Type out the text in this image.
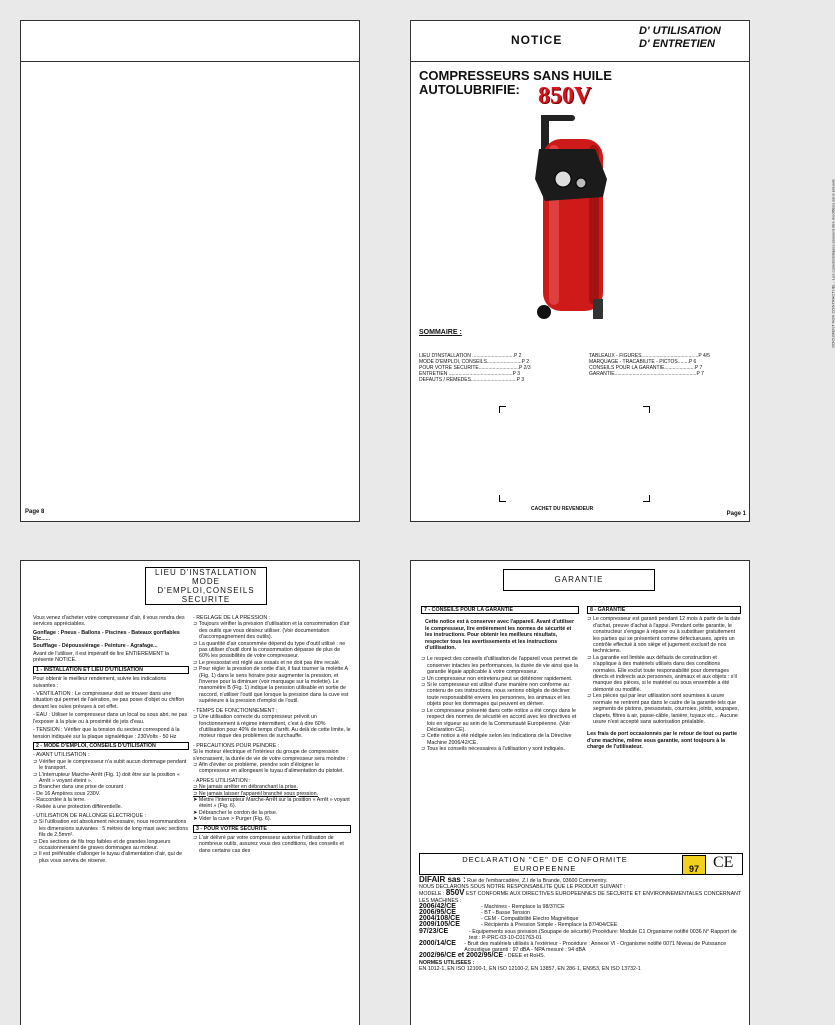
Page 8
NOTICE
D' UTILISATION
D' ENTRETIEN
COMPRESSEURS SANS HUILE
AUTOLUBRIFIE: 850V
SOMMAIRE :
LIEU D'INSTALLATION ..............................P 2
MODE D'EMPLOI, CONSEILS.........................P 2
POUR VOTRE SECURITE.............................P 2/3
ENTRETIEN ..............................................P 3
DEFAUTS / REMEDES.................................P 3
TABLEAUX - FIGURES.........................................P 4/5
MARQUAGE - TRACABILITE - PICTOS........P 6
CONSEILS POUR LA GARANTIE......................P 7
GARANTIE...........................................................P 7
CACHET DU REVENDEUR
Page 1
DOCUMENT NON CONTRACTUEL - Les caractéristiques peuvent être modifiées sans préavis
LIEU D'INSTALLATION
MODE D'EMPLOI,CONSEILS
SECURITE

Vous venez d'acheter votre compresseur d'air, il vous rendra des services appréciables.

Gonflage : Pneus - Ballons - Piscines - Bateaux gonflables Etc......

Soufflage - Dépoussiérage - Peinture - Agrafage...

Avant de l'utiliser, il est impératif de lire ENTIEREMENT la présente NOTICE.

1 - INSTALLATION ET LIEU D'UTILISATION

Pour obtenir le meilleur rendement, suivre les indications suivantes :

- VENTILATION : Le compresseur doit se trouver dans une situation qui permet de l'aération, ne pas poser d'objet ou chiffon devant les ouïes prévues à cet effet.

- EAU : Utiliser le compresseur dans un local ou sous abri, ne pas l'exposer à la pluie ou à proximité de jets d'eau.

- TENSION : Vérifier que la tension du secteur correspond à la tension indiquée sur la plaque signalétique : 230Volts - 50 Hz

2 - MODE D'EMPLOI, CONSEILS D'UTILISATION

- AVANT UTILISATION :

⊃ Vérifier que le compresseur n'a subit aucun dommage pendant le transport.
⊃ L'interrupteur Marche-Arrêt (Fig. 1) doit être sur la position « Arrêt » voyant éteint ».
⊃ Brancher dans une prise de courant :
- De 16 Ampères sous 230V.
- Raccordée à la terre.
- Reliée à une protection différentielle.

- UTILISATION DE RALLONGE ELECTRIQUE :

⊃ Si l'utilisation est absolument nécessaire, nous recommandons les dimensions suivantes : 5 mètres de long maxi avec sections fils de 2,5mm².
⊃ Des sections de fils trop faibles et de grandes longueurs occasionneraient de graves dommages au moteur.
⊃ Il est préférable d'allonger le tuyau d'alimentation d'air, qui de plus vous servira de réserve.

- REGLAGE DE LA PRESSION :

⊃ Toujours vérifier la pression d'utilisation et la consommation d'air des outils que vous désirez utiliser. (Voir documentation d'accompagnement des outils).
⊃ La quantité d'air consommée dépend du type d'outil utilisé : ne pas utiliser d'outil dont la consommation dépasse de plus de 60% les possibilités de votre compresseur.
⊃ Le pressostat est réglé aux essais et ne doit pas être recalé.
⊃ Pour régler la pression de sortie d'air, il faut tourner la molette A (Fig. 1) dans le sens horaire pour augmenter la pression, et l'inverse pour la diminuer (voir marquage sur la molette). Le manomètre B (Fig. 1) indique la pression utilisable en sortie de raccord, n'utiliser l'outil que lorsque la pression dans la cuve est supérieure à la pression d'emploi de l'outil.

- TEMPS DE FONCTIONNEMENT :

⊃ Une utilisation correcte du compresseur prévoit un fonctionnement à régime intermittent, c'est à dire 60% d'utilisation pour 40% de temps d'arrêt. Au delà de cette limite, le moteur risque des problèmes de surchauffe.

- PRECAUTIONS POUR PEINDRE :

Si le moteur électrique et l'intérieur du groupe de compression s'encrassent, la durée de vie de votre compresseur sera moindre :

⊃ Afin d'éviter ce problème, prendre soin d'éloigner le compresseur en allongeant le tuyau d'alimentation du pistolet.

- APRES UTILISATION :

⊃ Ne jamais arrêter en débranchant la prise.
⊃ Ne jamais laisser l'appareil branché sous pression.
➤ Mettre l'interrupteur Marche-Arrêt sur la position « Arrêt » voyant éteint » (Fig. 6).
➤ Débrancher le cordon de la prise.
➤ Vider la cuve > Purger (Fig. 6).
3 - POUR VOTRE SECURITE
⊃ L'air délivré par votre compresseur autorise l'utilisation de nombreux outils, assurez vous des conditions, des conseils et dans certains cas des
GARANTIE
7 - CONSEILS POUR LA GARANTIE

Cette notice est à conserver avec l'appareil. Avant d'utiliser le compresseur, lire entièrement les normes de sécurité et les instructions. Pour obtenir les meilleurs résultats, respecter tous les avertissements et les instructions d'utilisation.

⊃ Le respect des conseils d'utilisation de l'appareil vous permet de conserver intactes les performances, la durée de vie ainsi que la garantie légale applicable à votre compresseur.
⊃ Un compresseur non entretenu peut se détériorer rapidement.
⊃ Si le compresseur est utilisé d'une manière non conforme au contenu de ces instructions, nous serions obligés de décliner toute responsabilité envers les personnes, les animaux et les objets pour les dommages qui peuvent en dériver.
⊃ Le compresseur présenté dans cette notice a été conçu dans le respect des normes de sécurité en accord avec les directives et lois en vigueur au sein de la Communauté Européenne. (Voir Déclaration CE).
⊃ Cette notice a été rédigée selon les indications de la Directive Machine 2006/42/CE.
⊃ Tous les conseils nécessaires à l'utilisation y sont indiqués.
8 - GARANTIE
⊃ Le compresseur est garanti pendant 12 mois à partir de la date d'achat, preuve d'achat à l'appui. Pendant cette garantie, le constructeur s'engage à réparer ou à substituer gratuitement les parties qui se présentent comme défectueuses, après un contrôle effectué à son siège et jugement exclusif de nos techniciens.
⊃ La garantie est limitée aux défauts de construction et s'applique à des matériels utilisés dans des conditions normales. Elle exclut toute responsabilité pour dommages directs et indirects aux personnes, animaux et aux objets : s'il manque des pièces, si le matériel ou sous ensemble a été démonté ou modifié.
⊃ Les pièces qui par leur utilisation sont soumises à usure normale ne rentrent pas dans le cadre de la garantie tels que segments de pistons, pressostats, courroies, joints, soupapes, clapets, filtres à air, passe-câble, lanière, tuyaux etc... Aucune usure n'est accepté sans autorisation préalable.

Les frais de port occasionnés par le retour de tout ou partie d'une machine, même sous garantie, sont toujours à la charge de l'utilisateur.

DECLARATION "CE" DE CONFORMITE
EUROPEENNE	97 CE
DIFAIR sas : Rue de l'embarcadère, Z.I de la Brande, 03600 Commentry.
NOUS DECLARONS SOUS NOTRE RESPONSABILITE QUE LE PRODUIT SUIVANT :
MODELE : 850V EST CONFORME AUX DIRECTIVES EUROPEENNES DE SECURITE ET ENVIRONNEMENTALES CONCERNANT LES MACHINES :
2006/42/CE	- Machines - Remplace la 98/37/CE
2006/95/CE	- BT - Basse Tension
2004/108/CE	- CEM - Compatibilité Electro Magnétique
2009/105/CE	- Récipients à Pression Simple - Remplace la 87/404/CEE
97/23/CE	- Equipements sous pression.(Soupape de sécurité) Procédure: Module C1 Organisme notifié 0036 N° Rapport de test : P-PRC-03-10-C01763-01
2000/14/CE	- Bruit des matériels utilisés à l'extérieur - Procédure : Annexe VI - Organisme notifié 0071 Niveau de Puissance Acoustique garanti : 97 dBA - NPA mesuré : 94 dBA
2002/96/CE et 2002/95/CE - DEEE et RoHS.
NORMES UTILISEES :
EN 1012-1, EN ISO 12100-1, EN ISO 12100-2, EN 13857, EN 286-1, EN953, EN ISO 13732-1
